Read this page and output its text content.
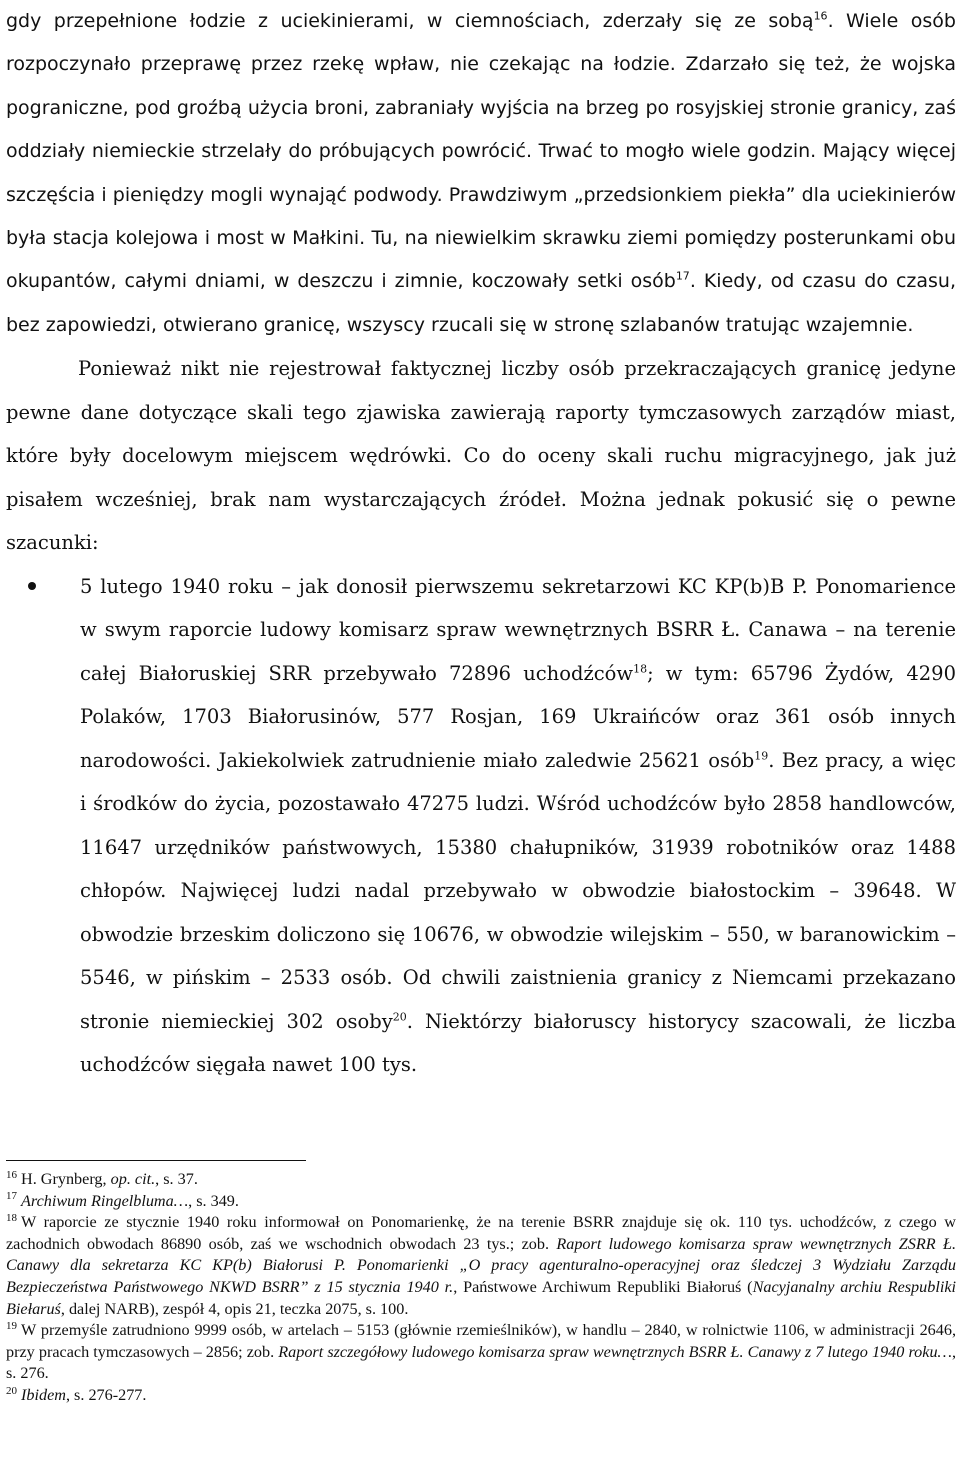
gdy przepełnione łodzie z uciekinierami, w ciemnościach, zderzały się ze sobą$^{16}$. Wiele osób rozpoczynało przeprawę przez rzekę wpław, nie czekając na łodzie. Zdarzało się też, że wojska pograniczne, pod groźbą użycia broni, zabraniały wyjścia na brzeg po rosyjskiej stronie granicy, zaś oddziały niemieckie strzelały do próbujących powrócić. Trwać to mogło wiele godzin. Mający więcej szczęścia i pieniędzy mogli wynająć podwody. Prawdziwym „przedsionkiem piekła” dla uciekinierów była stacja kolejowa i most w Małkini. Tu, na niewielkim skrawku ziemi pomiędzy posterunkami obu okupantów, całymi dniami, w deszczu i zimnie, koczowały setki osób$^{17}$. Kiedy, od czasu do czasu, bez zapowiedzi, otwierano granicę, wszyscy rzucali się w stronę szlabanów tratując wzajemnie.

Ponieważ nikt nie rejestrował faktycznej liczby osób przekraczających granicę jedyne pewne dane dotyczące skali tego zjawiska zawierają raporty tymczasowych zarządów miast, które były docelowym miejscem wędrówki. Co do oceny skali ruchu migracyjnego, jak już pisałem wcześniej, brak nam wystarczających źródeł. Można jednak pokusić się o pewne szacunki:

5 lutego 1940 roku – jak donosił pierwszemu sekretarzowi KC KP(b)B P. Ponomarience w swym raporcie ludowy komisarz spraw wewnętrznych BSRR Ł. Canawa – na terenie całej Białoruskiej SRR przebywało 72896 uchodźców$^{18}$; w tym: 65796 Żydów, 4290 Polaków, 1703 Białorusinów, 577 Rosjan, 169 Ukraińców oraz 361 osób innych narodowości. Jakiekolwiek zatrudnienie miało zaledwie 25621 osób$^{19}$. Bez pracy, a więc i środków do życia, pozostawało 47275 ludzi. Wśród uchodźców było 2858 handlowców, 11647 urzędników państwowych, 15380 chałupników, 31939 robotników oraz 1488 chłopów. Najwięcej ludzi nadal przebywało w obwodzie białostockim – 39648. W obwodzie brzeskim doliczono się 10676, w obwodzie wilejskim – 550, w baranowickim – 5546, w pińskim – 2533 osób. Od chwili zaistnienia granicy z Niemcami przekazano stronie niemieckiej 302 osoby$^{20}$. Niektórzy białoruscy historycy szacowali, że liczba uchodźców sięgała nawet 100 tys.

$^{16}$ H. Grynberg, op. cit., s. 37.

$^{17}$ Archiwum Ringelbluma…, s. 349.

$^{18}$ W raporcie ze stycznie 1940 roku informował on Ponomarienkę, że na terenie BSRR znajduje się ok. 110 tys. uchodźców, z czego w zachodnich obwodach 86890 osób, zaś we wschodnich obwodach 23 tys.; zob. Raport ludowego komisarza spraw wewnętrznych ZSRR Ł. Canawy dla sekretarza KC KP(b) Białorusi P. Ponomarienki „O pracy agenturalno-operacyjnej oraz śledczej 3 Wydziału Zarządu Bezpieczeństwa Państwowego NKWD BSRR” z 15 stycznia 1940 r., Państwowe Archiwum Republiki Białoruś (Nacyjanalny archiu Respubliki Biełaruś, dalej NARB), zespół 4, opis 21, teczka 2075, s. 100.

$^{19}$ W przemyśle zatrudniono 9999 osób, w artelach – 5153 (głównie rzemieślników), w handlu – 2840, w rolnictwie 1106, w administracji 2646, przy pracach tymczasowych – 2856; zob. Raport szczegółowy ludowego komisarza spraw wewnętrznych BSRR Ł. Canawy z 7 lutego 1940 roku…, s. 276.

$^{20}$ Ibidem, s. 276-277.
